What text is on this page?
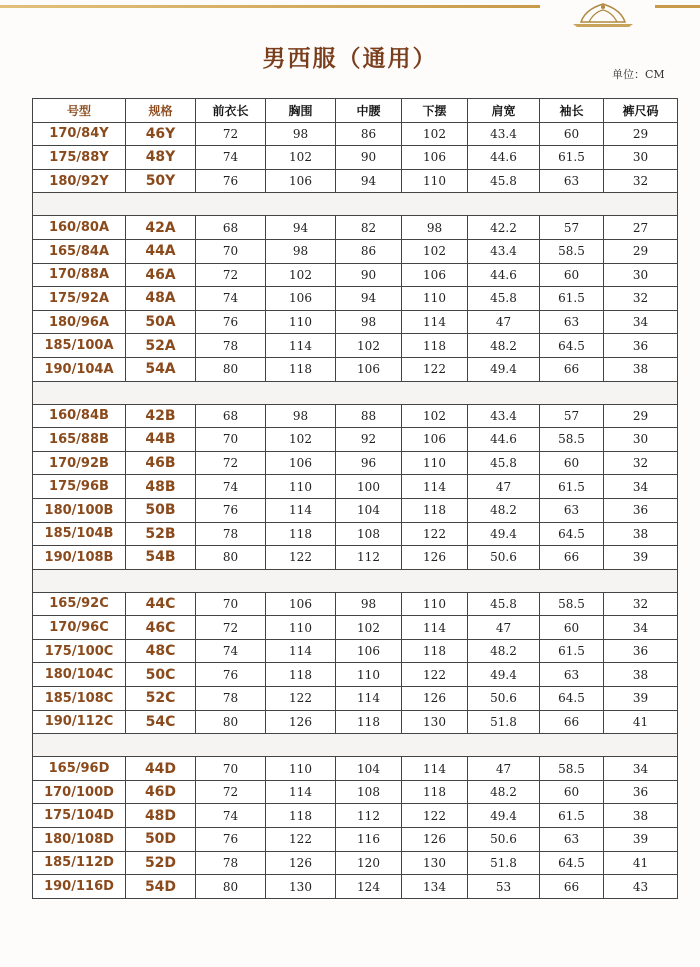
男西服（通用）
单位：CM
号型	规格	前衣长	胸围	中腰	下摆	肩宽	袖长	裤尺码
170/84Y	46Y	72	98	86	102	43.4	60	29
175/88Y	48Y	74	102	90	106	44.6	61.5	30
180/92Y	50Y	76	106	94	110	45.8	63	32

160/80A	42A	68	94	82	98	42.2	57	27
165/84A	44A	70	98	86	102	43.4	58.5	29
170/88A	46A	72	102	90	106	44.6	60	30
175/92A	48A	74	106	94	110	45.8	61.5	32
180/96A	50A	76	110	98	114	47	63	34
185/100A	52A	78	114	102	118	48.2	64.5	36
190/104A	54A	80	118	106	122	49.4	66	38

160/84B	42B	68	98	88	102	43.4	57	29
165/88B	44B	70	102	92	106	44.6	58.5	30
170/92B	46B	72	106	96	110	45.8	60	32
175/96B	48B	74	110	100	114	47	61.5	34
180/100B	50B	76	114	104	118	48.2	63	36
185/104B	52B	78	118	108	122	49.4	64.5	38
190/108B	54B	80	122	112	126	50.6	66	39

165/92C	44C	70	106	98	110	45.8	58.5	32
170/96C	46C	72	110	102	114	47	60	34
175/100C	48C	74	114	106	118	48.2	61.5	36
180/104C	50C	76	118	110	122	49.4	63	38
185/108C	52C	78	122	114	126	50.6	64.5	39
190/112C	54C	80	126	118	130	51.8	66	41

165/96D	44D	70	110	104	114	47	58.5	34
170/100D	46D	72	114	108	118	48.2	60	36
175/104D	48D	74	118	112	122	49.4	61.5	38
180/108D	50D	76	122	116	126	50.6	63	39
185/112D	52D	78	126	120	130	51.8	64.5	41
190/116D	54D	80	130	124	134	53	66	43
